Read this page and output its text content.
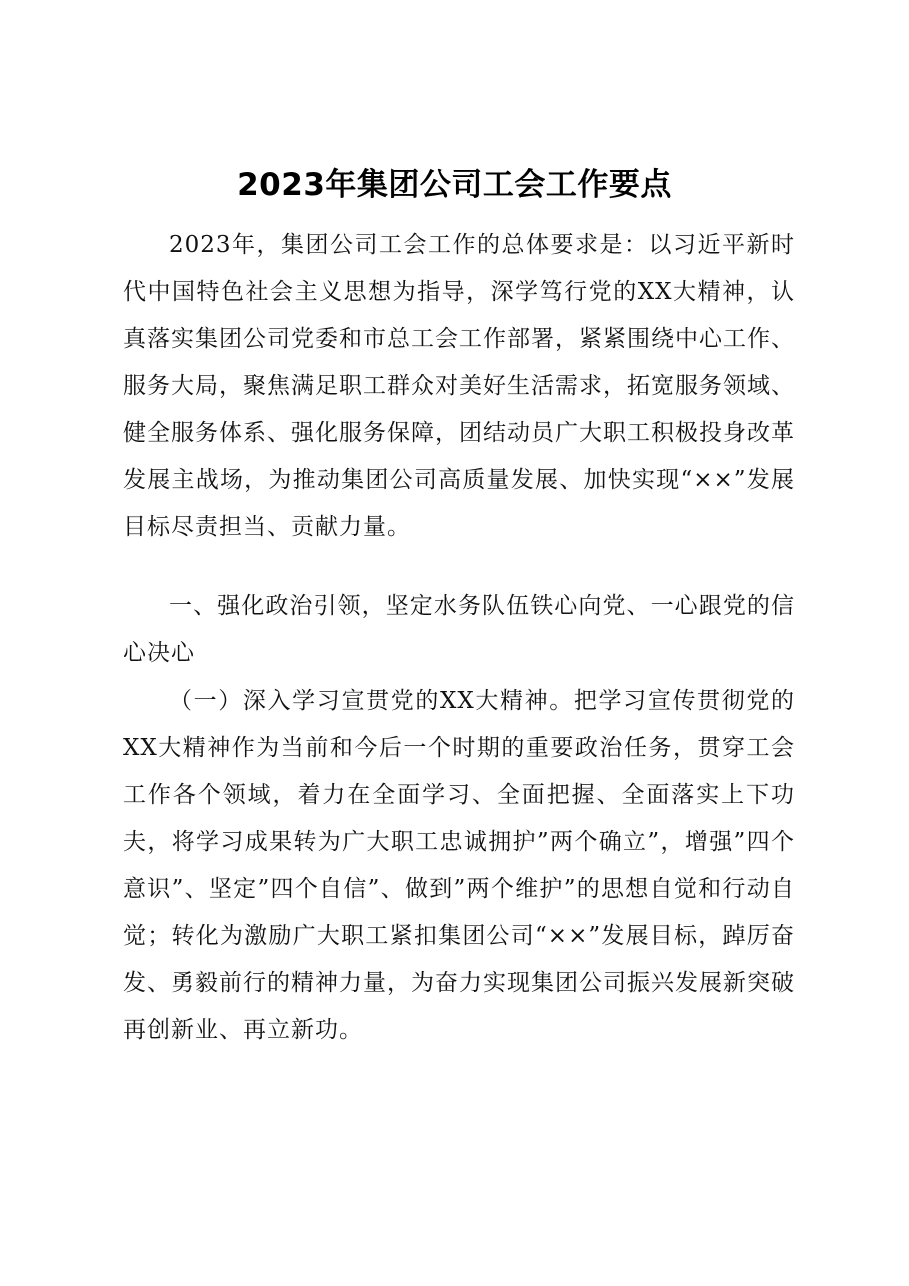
2023年集团公司工会工作要点

2023年，集团公司工会工作的总体要求是：以习近平新时代中国特色社会主义思想为指导，深学笃行党的XX大精神，认真落实集团公司党委和市总工会工作部署，紧紧围绕中心工作、服务大局，聚焦满足职工群众对美好生活需求，拓宽服务领域、健全服务体系、强化服务保障，团结动员广大职工积极投身改革发展主战场，为推动集团公司高质量发展、加快实现“××”发展目标尽责担当、贡献力量。

一、强化政治引领，坚定水务队伍铁心向党、一心跟党的信心决心

（一）深入学习宣贯党的XX大精神。把学习宣传贯彻党的XX大精神作为当前和今后一个时期的重要政治任务，贯穿工会工作各个领域，着力在全面学习、全面把握、全面落实上下功夫，将学习成果转为广大职工忠诚拥护”两个确立”，增强”四个意识”、坚定”四个自信”、做到”两个维护”的思想自觉和行动自觉；转化为激励广大职工紧扣集团公司“××”发展目标，踔厉奋发、勇毅前行的精神力量，为奋力实现集团公司振兴发展新突破再创新业、再立新功。
